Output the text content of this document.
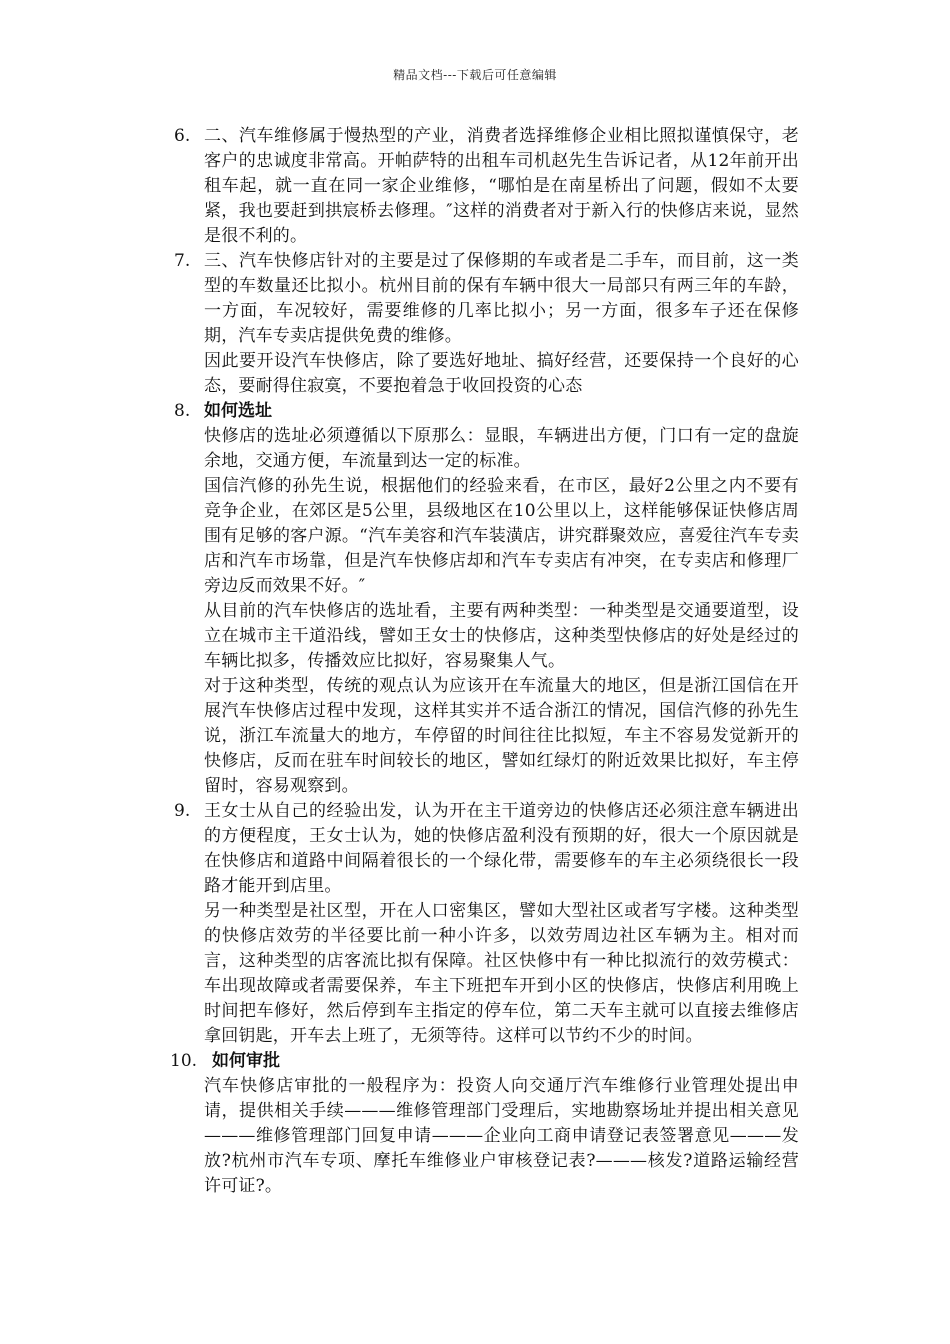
精品文档---下载后可任意编辑
6. 二、汽车维修属于慢热型的产业，消费者选择维修企业相比照拟谨慎保守，老客户的忠诚度非常高。开帕萨特的出租车司机赵先生告诉记者，从12年前开出租车起，就一直在同一家企业维修，“哪怕是在南星桥出了问题，假如不太要紧，我也要赶到拱宸桥去修理。″这样的消费者对于新入行的快修店来说，显然是很不利的。

7. 三、汽车快修店针对的主要是过了保修期的车或者是二手车，而目前，这一类型的车数量还比拟小。杭州目前的保有车辆中很大一局部只有两三年的车龄，一方面，车况较好，需要维修的几率比拟小；另一方面，很多车子还在保修期，汽车专卖店提供免费的维修。

因此要开设汽车快修店，除了要选好地址、搞好经营，还要保持一个良好的心态，要耐得住寂寞，不要抱着急于收回投资的心态

8. 如何选址

快修店的选址必须遵循以下原那么：显眼，车辆进出方便，门口有一定的盘旋余地，交通方便，车流量到达一定的标准。

国信汽修的孙先生说，根据他们的经验来看，在市区，最好2公里之内不要有竞争企业，在郊区是5公里，县级地区在10公里以上，这样能够保证快修店周围有足够的客户源。“汽车美容和汽车装潢店，讲究群聚效应，喜爱往汽车专卖店和汽车市场靠，但是汽车快修店却和汽车专卖店有冲突，在专卖店和修理厂旁边反而效果不好。″

从目前的汽车快修店的选址看，主要有两种类型：一种类型是交通要道型，设立在城市主干道沿线，譬如王女士的快修店，这种类型快修店的好处是经过的车辆比拟多，传播效应比拟好，容易聚集人气。

对于这种类型，传统的观点认为应该开在车流量大的地区，但是浙江国信在开展汽车快修店过程中发现，这样其实并不适合浙江的情况，国信汽修的孙先生说，浙江车流量大的地方，车停留的时间往往比拟短，车主不容易发觉新开的快修店，反而在驻车时间较长的地区，譬如红绿灯的附近效果比拟好，车主停留时，容易观察到。

9. 王女士从自己的经验出发，认为开在主干道旁边的快修店还必须注意车辆进出的方便程度，王女士认为，她的快修店盈利没有预期的好，很大一个原因就是在快修店和道路中间隔着很长的一个绿化带，需要修车的车主必须绕很长一段路才能开到店里。

另一种类型是社区型，开在人口密集区，譬如大型社区或者写字楼。这种类型的快修店效劳的半径要比前一种小许多，以效劳周边社区车辆为主。相对而言，这种类型的店客流比拟有保障。社区快修中有一种比拟流行的效劳模式：车出现故障或者需要保养，车主下班把车开到小区的快修店，快修店利用晚上时间把车修好，然后停到车主指定的停车位，第二天车主就可以直接去维修店拿回钥匙，开车去上班了，无须等待。这样可以节约不少的时间。

10. 如何审批

汽车快修店审批的一般程序为：投资人向交通厅汽车维修行业管理处提出申请，提供相关手续———维修管理部门受理后，实地勘察场址并提出相关意见———维修管理部门回复申请———企业向工商申请登记表签署意见———发放?杭州市汽车专项、摩托车维修业户审核登记表?———核发?道路运输经营许可证?。
